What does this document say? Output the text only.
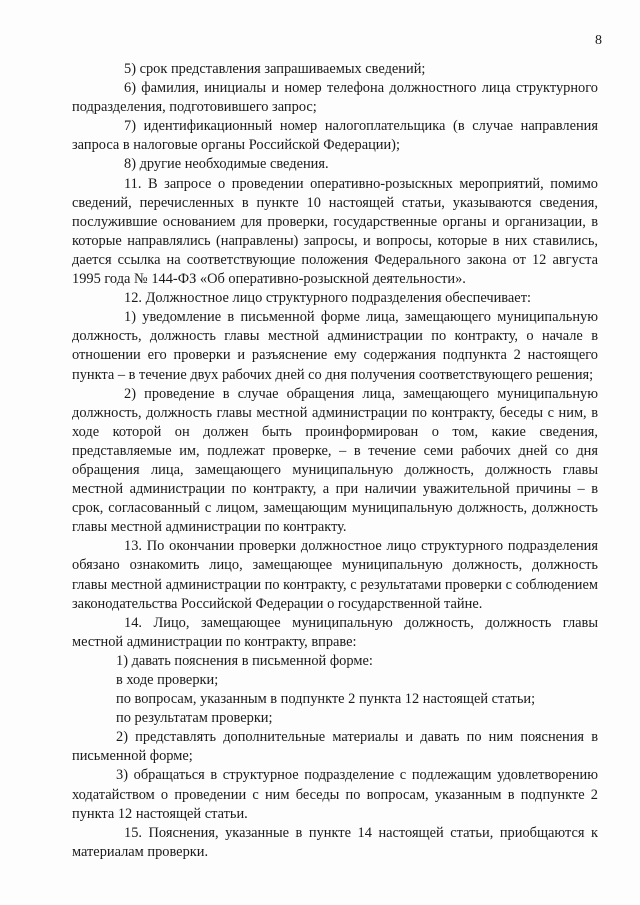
8

5) срок представления запрашиваемых сведений;

6) фамилия, инициалы и номер телефона должностного лица структурного подразделения, подготовившего запрос;

7) идентификационный номер налогоплательщика (в случае направления запроса в налоговые органы Российской Федерации);

8) другие необходимые сведения.

11. В запросе о проведении оперативно-розыскных мероприятий, помимо сведений, перечисленных в пункте 10 настоящей статьи, указываются сведения, послужившие основанием для проверки, государственные органы и организации, в которые направлялись (направлены) запросы, и вопросы, которые в них ставились, дается ссылка на соответствующие положения Федерального закона от 12 августа 1995 года № 144-ФЗ «Об оперативно-розыскной деятельности».

12. Должностное лицо структурного подразделения обеспечивает:

1) уведомление в письменной форме лица, замещающего муниципальную должность, должность главы местной администрации по контракту, о начале в отношении его проверки и разъяснение ему содержания подпункта 2 настоящего пункта – в течение двух рабочих дней со дня получения соответствующего решения;

2) проведение в случае обращения лица, замещающего муниципальную должность, должность главы местной администрации по контракту, беседы с ним, в ходе которой он должен быть проинформирован о том, какие сведения, представляемые им, подлежат проверке, – в течение семи рабочих дней со дня обращения лица, замещающего муниципальную должность, должность главы местной администрации по контракту, а при наличии уважительной причины – в срок, согласованный с лицом, замещающим муниципальную должность, должность главы местной администрации по контракту.

13. По окончании проверки должностное лицо структурного подразделения обязано ознакомить лицо, замещающее муниципальную должность, должность главы местной администрации по контракту, с результатами проверки с соблюдением законодательства Российской Федерации о государственной тайне.

14. Лицо, замещающее муниципальную должность, должность главы местной администрации по контракту, вправе:

1) давать пояснения в письменной форме:

в ходе проверки;

по вопросам, указанным в подпункте 2 пункта 12 настоящей статьи;

по результатам проверки;

2) представлять дополнительные материалы и давать по ним пояснения в письменной форме;

3) обращаться в структурное подразделение с подлежащим удовлетворению ходатайством о проведении с ним беседы по вопросам, указанным в подпункте 2 пункта 12 настоящей статьи.

15. Пояснения, указанные в пункте 14 настоящей статьи, приобщаются к материалам проверки.
